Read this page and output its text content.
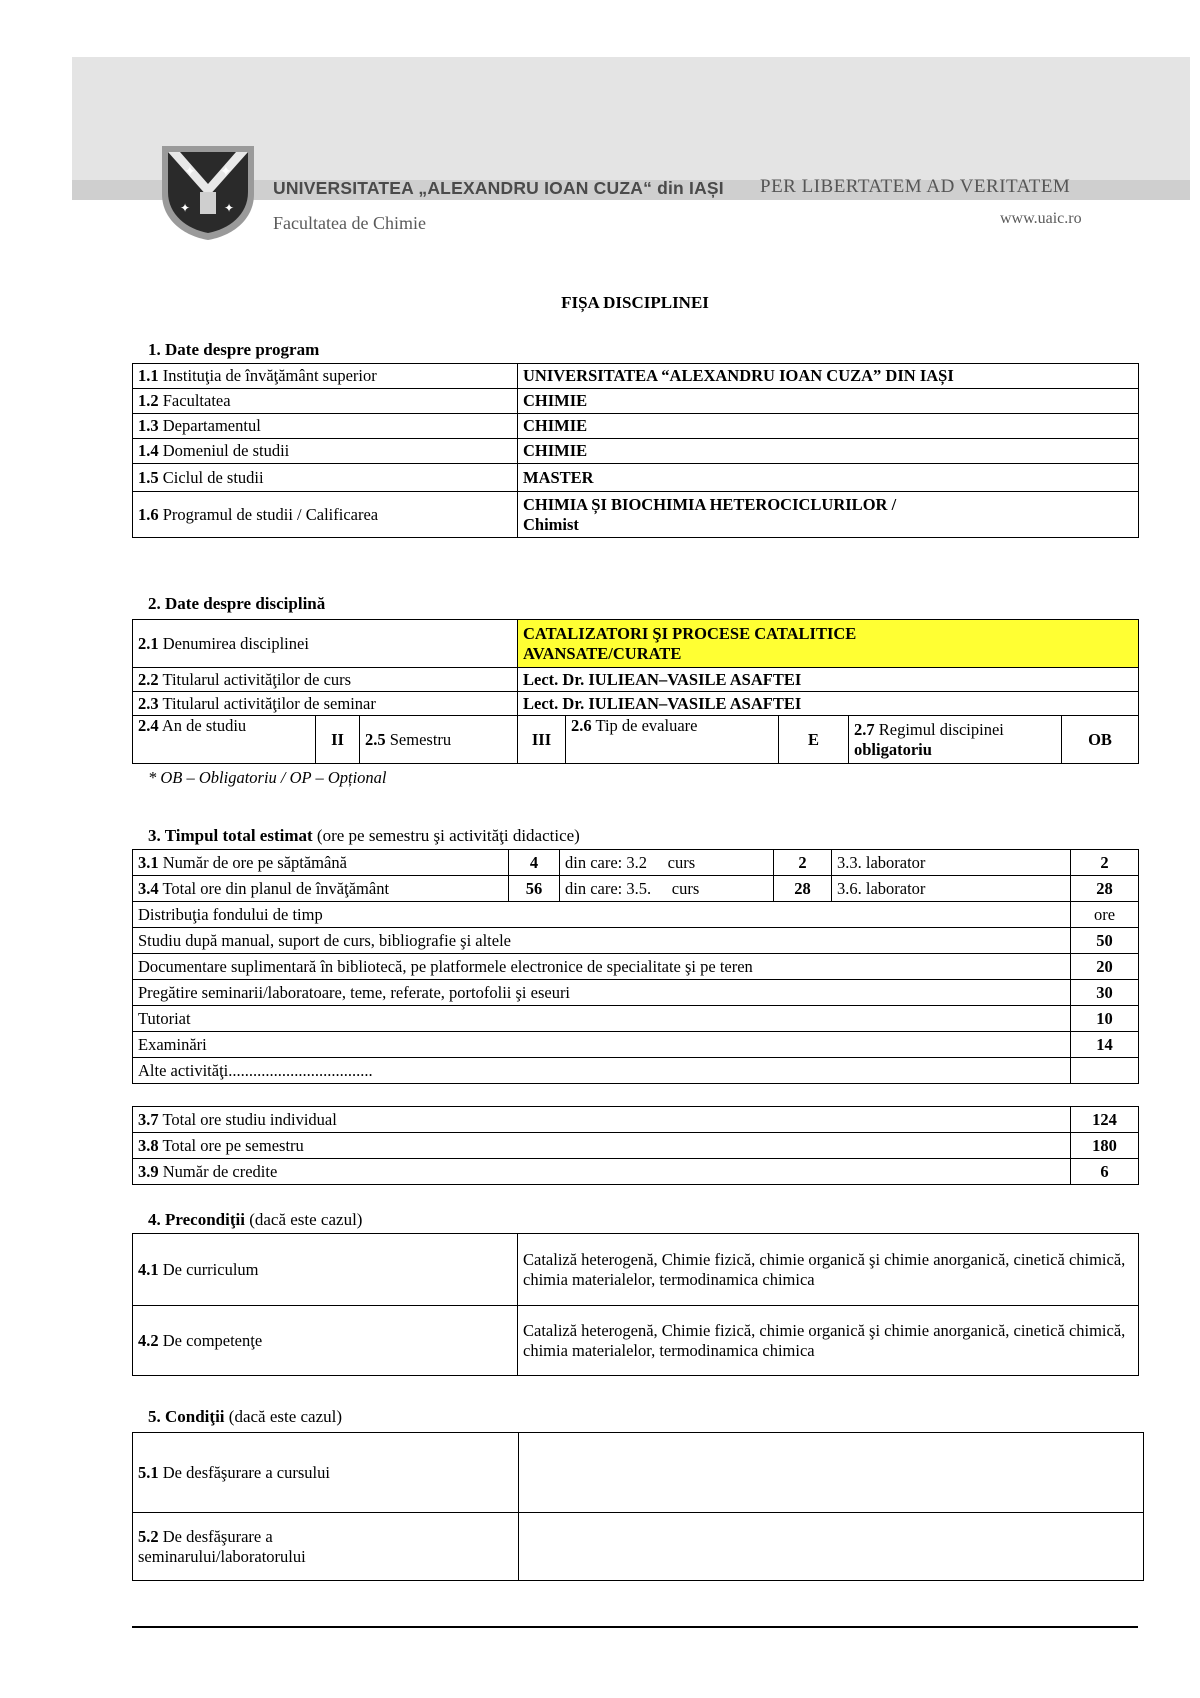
✦ ✦
✦	✦
UNIVERSITATEA „ALEXANDRU IOAN CUZA“ din IAȘI PER LIBERTATEM AD VERITATEM
Facultatea de Chimie	www.uaic.ro
FIȘA DISCIPLINEI
1. Date despre program
1.1 Instituţia de învăţământ superior	UNIVERSITATEA “ALEXANDRU IOAN CUZA” DIN IAȘI
1.2 Facultatea	CHIMIE
1.3 Departamentul	CHIMIE
1.4 Domeniul de studii	CHIMIE
1.5 Ciclul de studii	MASTER
1.6 Programul de studii / Calificarea	CHIMIA ȘI BIOCHIMIA HETEROCICLURILOR /
Chimist
2. Date despre disciplină
2.1 Denumirea disciplinei			CATALIZATORI ŞI PROCESE CATALITICE
AVANSATE/CURATE				
2.2 Titularul activităţilor de curs			Lect. Dr. IULIEAN–VASILE ASAFTEI				
2.3 Titularul activităţilor de seminar			Lect. Dr. IULIEAN–VASILE ASAFTEI				
2.4 An de studiu	II	2.5 Semestru	III	2.6 Tip de evaluare	E	2.7 Regimul discipinei
obligatoriu	OB
* OB – Obligatoriu / OP – Opțional
3. Timpul total estimat (ore pe semestru şi activităţi didactice)
3.1 Număr de ore pe săptămână	4	din care: 3.2 curs	2	3.3. laborator	2
3.4 Total ore din planul de învăţământ	56	din care: 3.5. curs	28	3.6. laborator	28
Distribuţia fondului de timp					ore
Studiu după manual, suport de curs, bibliografie şi altele					50
Documentare suplimentară în bibliotecă, pe platformele electronice de specialitate şi pe teren					20
Pregătire seminarii/laboratoare, teme, referate, portofolii şi eseuri					30
Tutoriat					10
Examinări					14
Alte activităţi...................................					
3.7 Total ore studiu individual	124
3.8 Total ore pe semestru	180
3.9 Număr de credite	6
4. Precondiţii (dacă este cazul)
4.1 De curriculum	Cataliză heterogenă, Chimie fizică, chimie organică şi chimie anorganică, cinetică chimică, chimia materialelor, termodinamica chimica
4.2 De competenţe	Cataliză heterogenă, Chimie fizică, chimie organică şi chimie anorganică, cinetică chimică, chimia materialelor, termodinamica chimica
5. Condiţii (dacă este cazul)
5.1 De desfăşurare a cursului	
5.2 De desfăşurare a
seminarului/laboratorului	
